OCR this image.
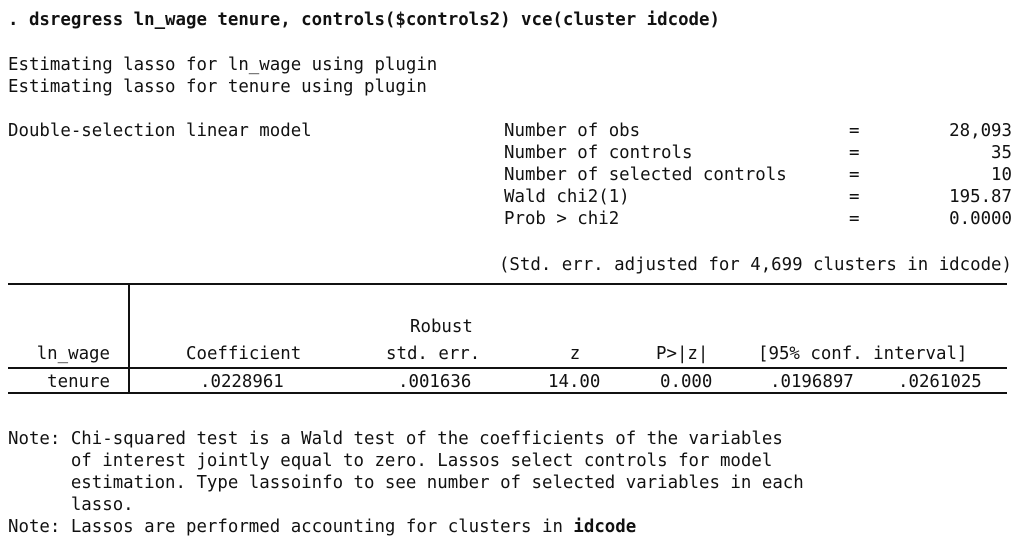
. dsregress ln_wage tenure, controls($controls2) vce(cluster idcode)
Estimating lasso for ln_wage using plugin
Estimating lasso for tenure using plugin
Double-selection linear model	Number of obs	=	28,093
Number of controls	=	35
Number of selected controls	=	10
Wald chi2(1)	=	195.87
Prob > chi2	=	0.0000
(Std. err. adjusted for 4,699 clusters in idcode)
Robust
ln_wage	Coefficient	std. err.	z	P>|z|	[95% conf. interval]
tenure	.0228961	.001636	14.00	0.000	.0196897	.0261025
Note: Chi-squared test is a Wald test of the coefficients of the variables
of interest jointly equal to zero. Lassos select controls for model
estimation. Type lassoinfo to see number of selected variables in each
lasso.
Note: Lassos are performed accounting for clusters in idcode
